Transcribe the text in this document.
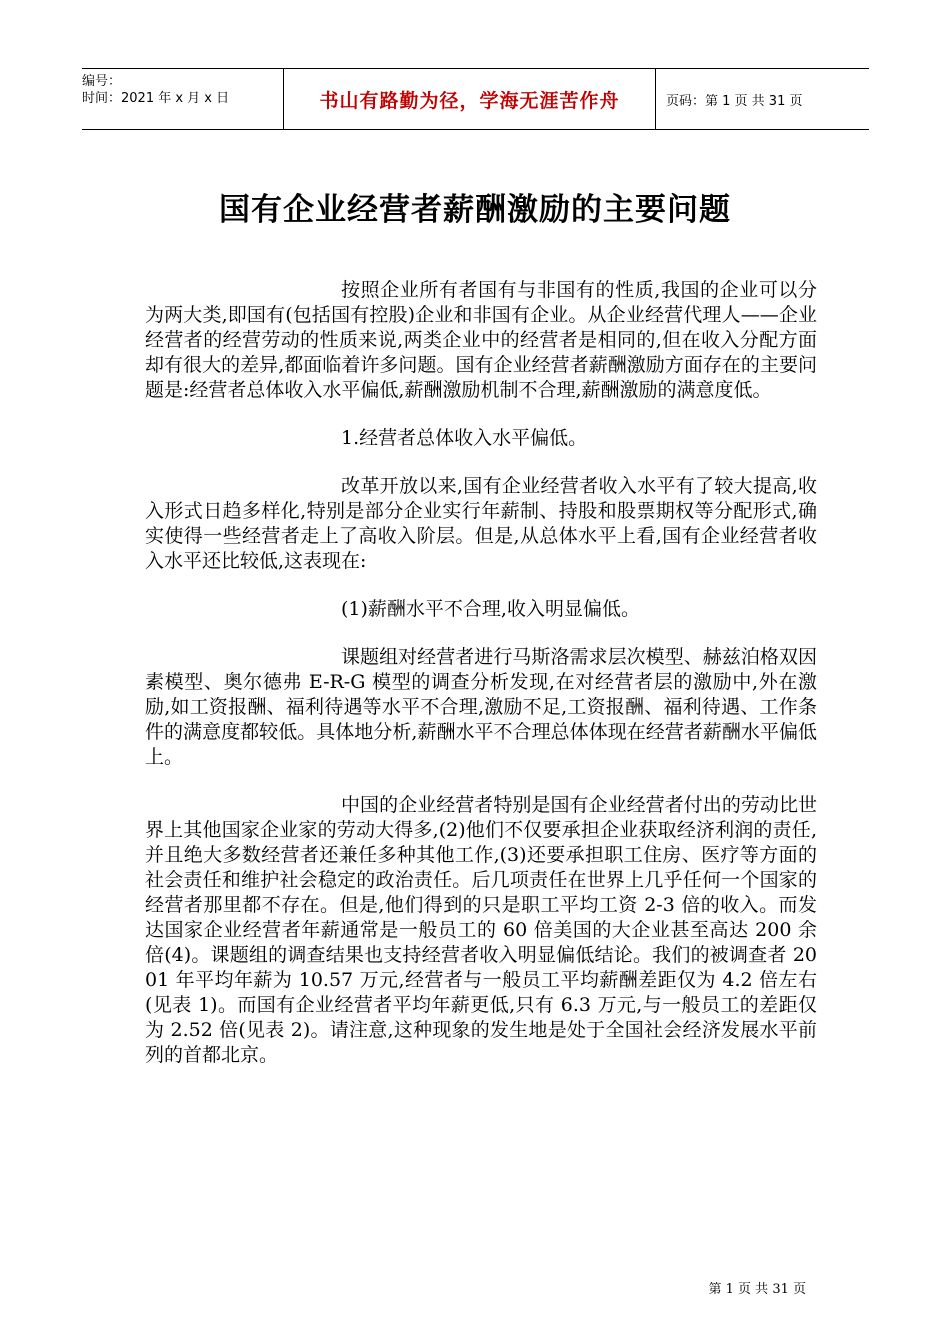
编号：
时间：2021 年 x 月 x 日	书山有路勤为径，学海无涯苦作舟	页码：第 1 页 共 31 页
国有企业经营者薪酬激励的主要问题

按照企业所有者国有与非国有的性质,我国的企业可以分为两大类,即国有(包括国有控股)企业和非国有企业。从企业经营代理人——企业经营者的经营劳动的性质来说,两类企业中的经营者是相同的,但在收入分配方面却有很大的差异,都面临着许多问题。国有企业经营者薪酬激励方面存在的主要问题是:经营者总体收入水平偏低,薪酬激励机制不合理,薪酬激励的满意度低。

1.经营者总体收入水平偏低。

改革开放以来,国有企业经营者收入水平有了较大提高,收入形式日趋多样化,特别是部分企业实行年薪制、持股和股票期权等分配形式,确实使得一些经营者走上了高收入阶层。但是,从总体水平上看,国有企业经营者收入水平还比较低,这表现在:

(1)薪酬水平不合理,收入明显偏低。

课题组对经营者进行马斯洛需求层次模型、赫兹泊格双因素模型、奥尔德弗 E-R-G 模型的调查分析发现,在对经营者层的激励中,外在激励,如工资报酬、福利待遇等水平不合理,激励不足,工资报酬、福利待遇、工作条件的满意度都较低。具体地分析,薪酬水平不合理总体体现在经营者薪酬水平偏低上。

中国的企业经营者特别是国有企业经营者付出的劳动比世界上其他国家企业家的劳动大得多,(2)他们不仅要承担企业获取经济利润的责任,并且绝大多数经营者还兼任多种其他工作,(3)还要承担职工住房、医疗等方面的社会责任和维护社会稳定的政治责任。后几项责任在世界上几乎任何一个国家的经营者那里都不存在。但是,他们得到的只是职工平均工资 2-3 倍的收入。而发达国家企业经营者年薪通常是一般员工的 60 倍美国的大企业甚至高达 200 余倍(4)。课题组的调查结果也支持经营者收入明显偏低结论。我们的被调查者 2001 年平均年薪为 10.57 万元,经营者与一般员工平均薪酬差距仅为 4.2 倍左右(见表 1)。而国有企业经营者平均年薪更低,只有 6.3 万元,与一般员工的差距仅为 2.52 倍(见表 2)。请注意,这种现象的发生地是处于全国社会经济发展水平前列的首都北京。

第 1 页 共 31 页
